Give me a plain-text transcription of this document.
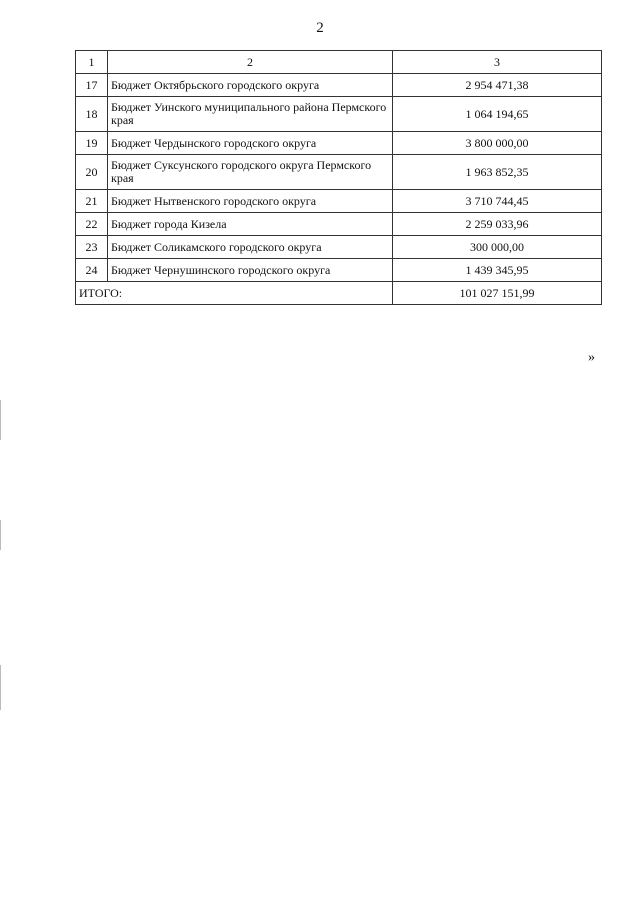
2
1	2	3
17	Бюджет Октябрьского городского округа	2 954 471,38
18	Бюджет Уинского муниципального района Пермского края	1 064 194,65
19	Бюджет Чердынского городского округа	3 800 000,00
20	Бюджет Суксунского городского округа Пермского края	1 963 852,35
21	Бюджет Нытвенского городского округа	3 710 744,45
22	Бюджет города Кизела	2 259 033,96
23	Бюджет Соликамского городского округа	300 000,00
24	Бюджет Чернушинского городского округа	1 439 345,95
ИТОГО:		101 027 151,99
»
